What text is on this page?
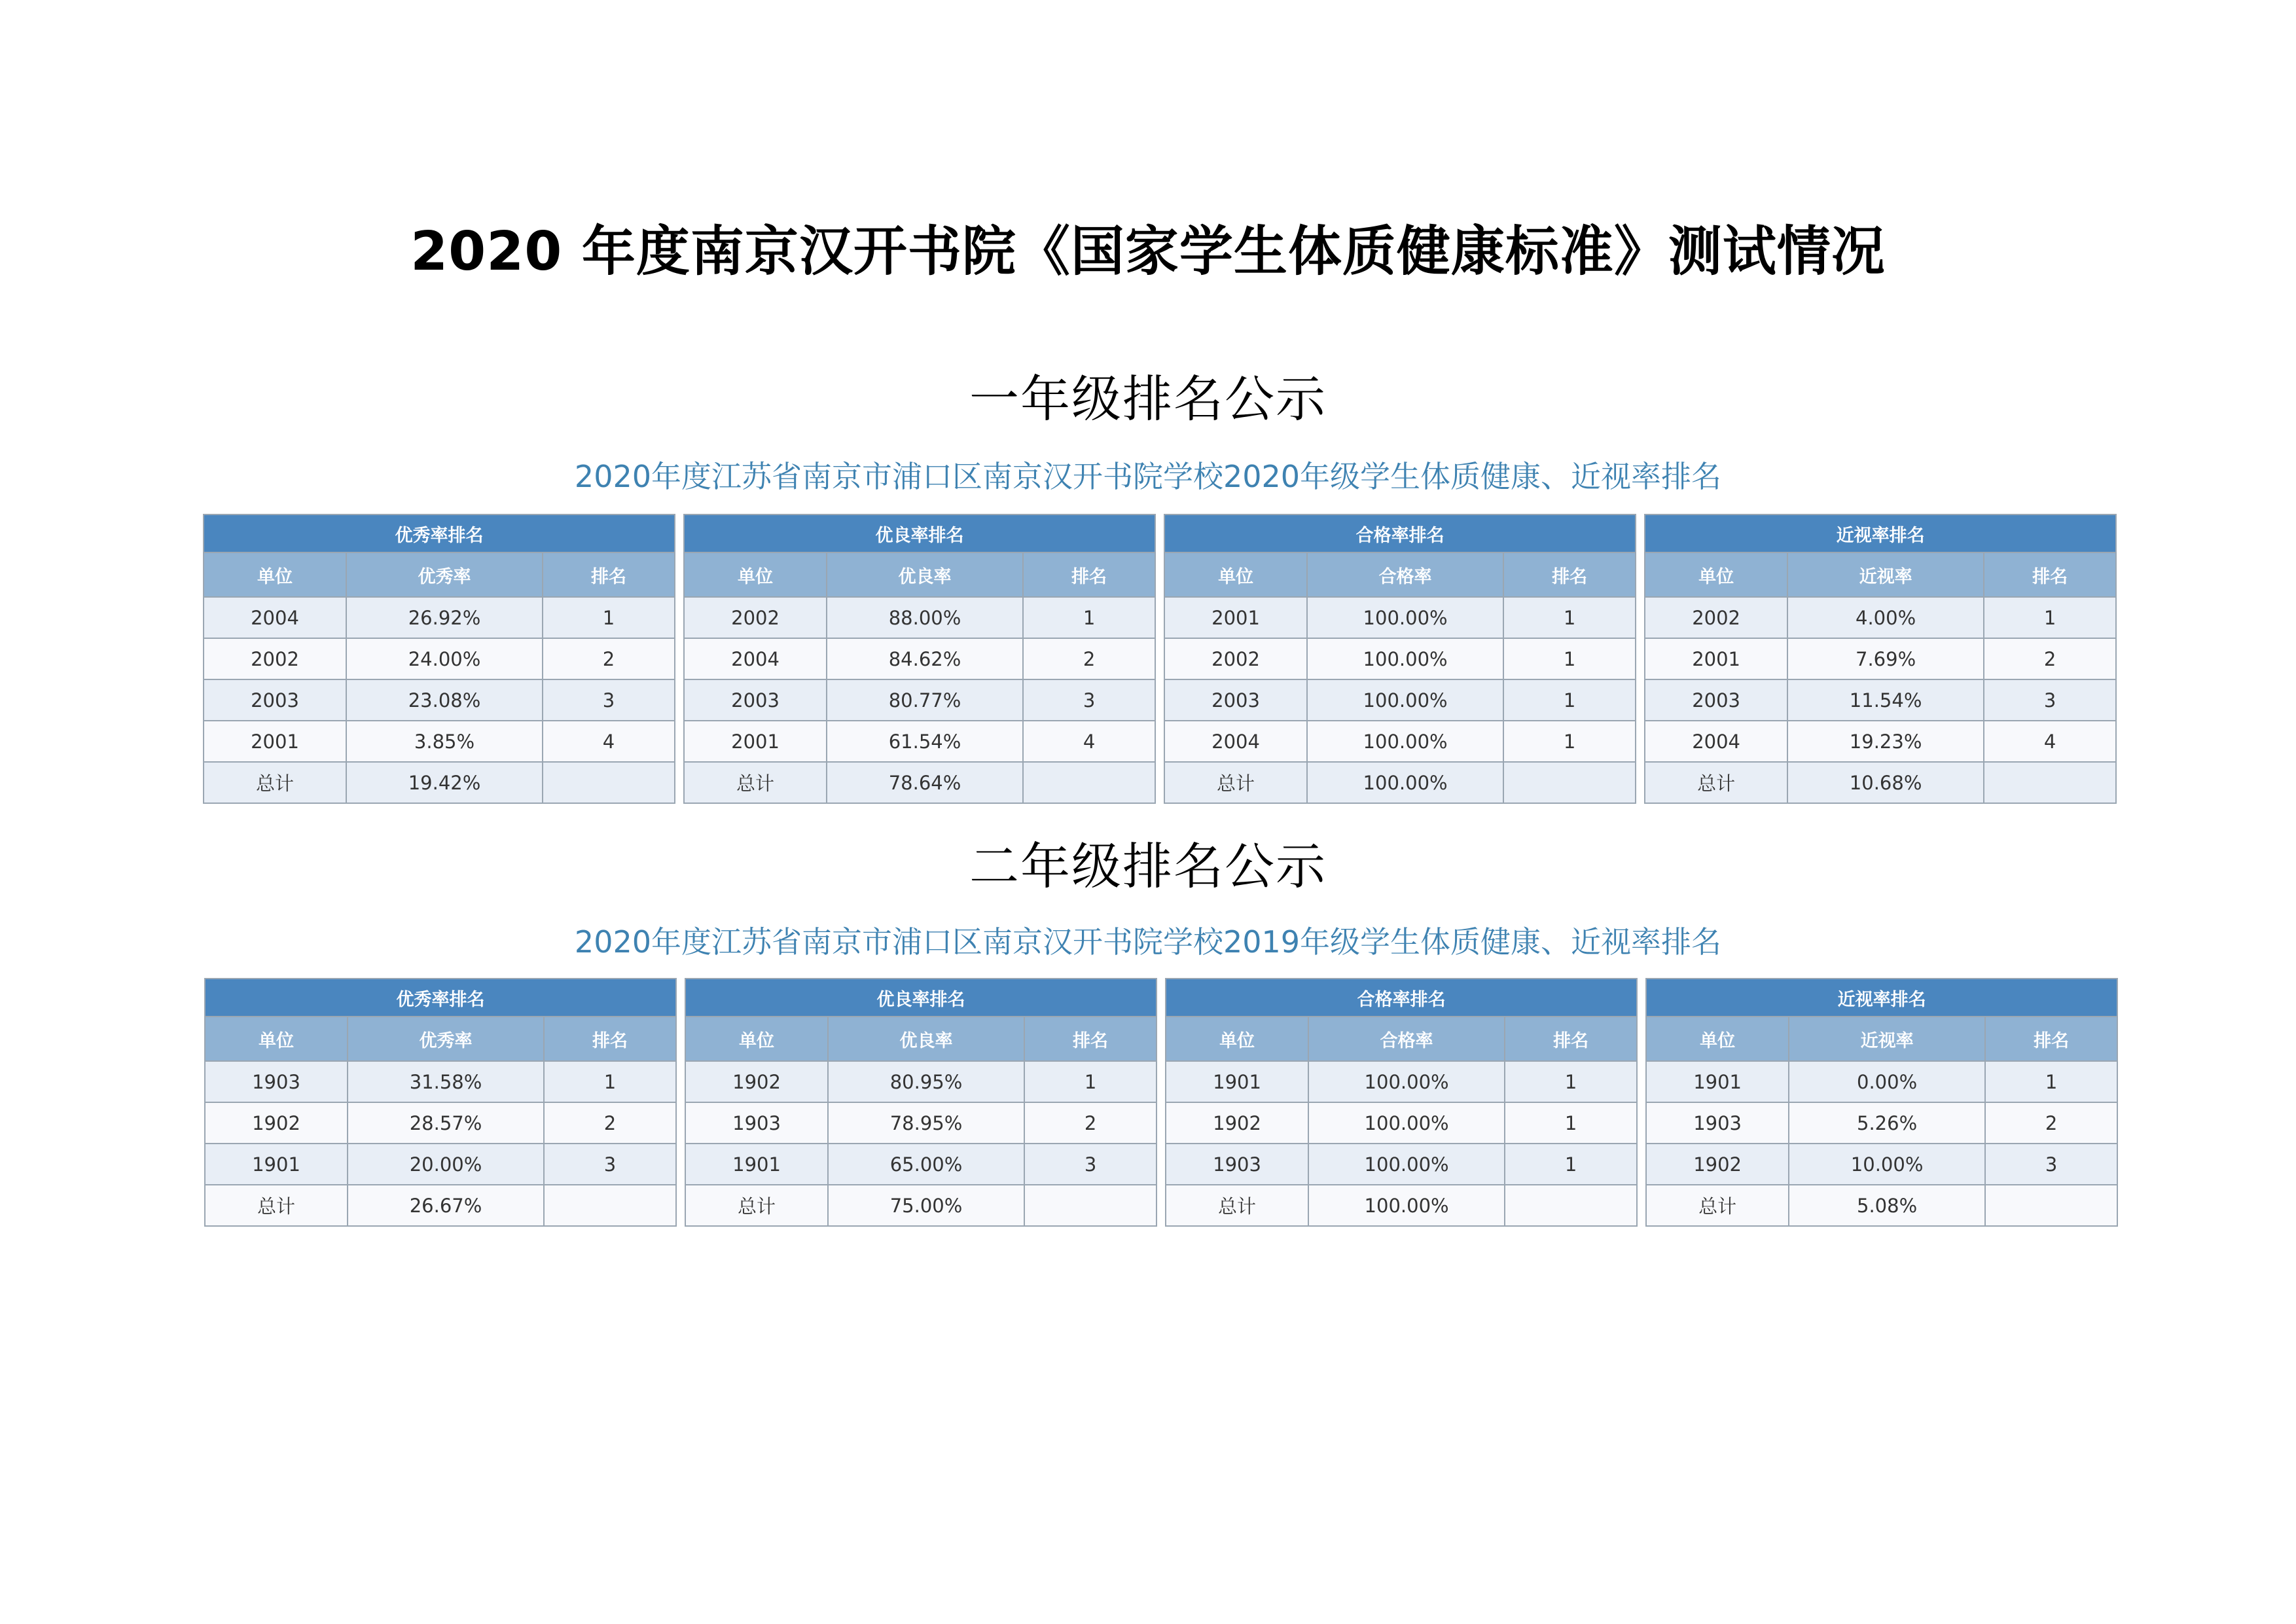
2020 年度南京汉开书院《国家学生体质健康标准》测试情况
一年级排名公示
2020年度江苏省南京市浦口区南京汉开书院学校2020年级学生体质健康、近视率排名
优秀率排名		
单位	优秀率	排名
2004	26.92%	1
2002	24.00%	2
2003	23.08%	3
2001	3.85%	4
总计	19.42%	
优良率排名		
单位	优良率	排名
2002	88.00%	1
2004	84.62%	2
2003	80.77%	3
2001	61.54%	4
总计	78.64%	
合格率排名		
单位	合格率	排名
2001	100.00%	1
2002	100.00%	1
2003	100.00%	1
2004	100.00%	1
总计	100.00%	
近视率排名		
单位	近视率	排名
2002	4.00%	1
2001	7.69%	2
2003	11.54%	3
2004	19.23%	4
总计	10.68%	
二年级排名公示
2020年度江苏省南京市浦口区南京汉开书院学校2019年级学生体质健康、近视率排名
优秀率排名		
单位	优秀率	排名
1903	31.58%	1
1902	28.57%	2
1901	20.00%	3
总计	26.67%	
优良率排名		
单位	优良率	排名
1902	80.95%	1
1903	78.95%	2
1901	65.00%	3
总计	75.00%	
合格率排名		
单位	合格率	排名
1901	100.00%	1
1902	100.00%	1
1903	100.00%	1
总计	100.00%	
近视率排名		
单位	近视率	排名
1901	0.00%	1
1903	5.26%	2
1902	10.00%	3
总计	5.08%	
